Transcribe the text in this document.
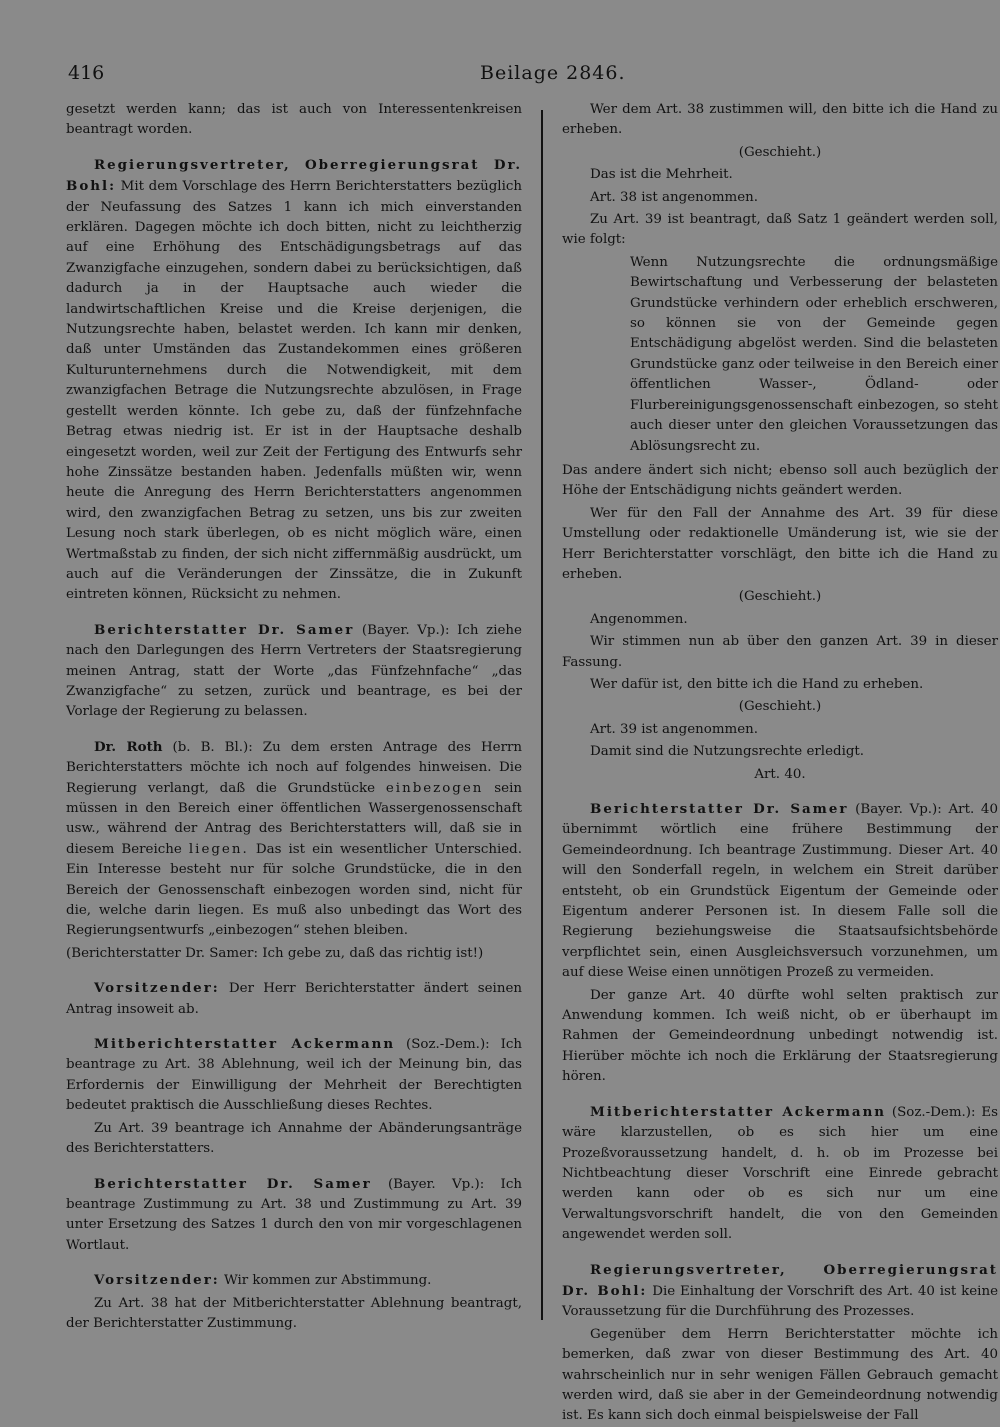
416	Beilage 2846.

gesetzt werden kann; das ist auch von Interessentenkreisen beantragt worden.

Regierungsvertreter, Oberregierungsrat Dr. Bohl: Mit dem Vorschlage des Herrn Berichterstatters bezüglich der Neufassung des Satzes 1 kann ich mich einverstanden erklären. Dagegen möchte ich doch bitten, nicht zu leichtherzig auf eine Erhöhung des Entschädigungsbetrags auf das Zwanzigfache einzugehen, sondern dabei zu berücksichtigen, daß dadurch ja in der Hauptsache auch wieder die landwirtschaftlichen Kreise und die Kreise derjenigen, die Nutzungsrechte haben, belastet werden. Ich kann mir denken, daß unter Umständen das Zustandekommen eines größeren Kulturunternehmens durch die Notwendigkeit, mit dem zwanzigfachen Betrage die Nutzungsrechte abzulösen, in Frage gestellt werden könnte. Ich gebe zu, daß der fünfzehnfache Betrag etwas niedrig ist. Er ist in der Hauptsache deshalb eingesetzt worden, weil zur Zeit der Fertigung des Entwurfs sehr hohe Zinssätze bestanden haben. Jedenfalls müßten wir, wenn heute die Anregung des Herrn Berichterstatters angenommen wird, den zwanzigfachen Betrag zu setzen, uns bis zur zweiten Lesung noch stark überlegen, ob es nicht möglich wäre, einen Wertmaßstab zu finden, der sich nicht ziffernmäßig ausdrückt, um auch auf die Veränderungen der Zinssätze, die in Zukunft eintreten können, Rücksicht zu nehmen.

Berichterstatter Dr. Samer (Bayer. Vp.): Ich ziehe nach den Darlegungen des Herrn Vertreters der Staatsregierung meinen Antrag, statt der Worte „das Fünfzehnfache“ „das Zwanzigfache“ zu setzen, zurück und beantrage, es bei der Vorlage der Regierung zu belassen.

Dr. Roth (b. B. Bl.): Zu dem ersten Antrage des Herrn Berichterstatters möchte ich noch auf folgendes hinweisen. Die Regierung verlangt, daß die Grundstücke einbezogen sein müssen in den Bereich einer öffentlichen Wassergenossenschaft usw., während der Antrag des Berichterstatters will, daß sie in diesem Bereiche liegen. Das ist ein wesentlicher Unterschied. Ein Interesse besteht nur für solche Grundstücke, die in den Bereich der Genossenschaft einbezogen worden sind, nicht für die, welche darin liegen. Es muß also unbedingt das Wort des Regierungsentwurfs „einbezogen“ stehen bleiben.

(Berichterstatter Dr. Samer: Ich gebe zu, daß das richtig ist!)

Vorsitzender: Der Herr Berichterstatter ändert seinen Antrag insoweit ab.

Mitberichterstatter Ackermann (Soz.-Dem.): Ich beantrage zu Art. 38 Ablehnung, weil ich der Meinung bin, das Erfordernis der Einwilligung der Mehrheit der Berechtigten bedeutet praktisch die Ausschließung dieses Rechtes.

Zu Art. 39 beantrage ich Annahme der Abänderungsanträge des Berichterstatters.

Berichterstatter Dr. Samer (Bayer. Vp.): Ich beantrage Zustimmung zu Art. 38 und Zustimmung zu Art. 39 unter Ersetzung des Satzes 1 durch den von mir vorgeschlagenen Wortlaut.

Vorsitzender: Wir kommen zur Abstimmung.

Zu Art. 38 hat der Mitberichterstatter Ablehnung beantragt, der Berichterstatter Zustimmung.

Wer dem Art. 38 zustimmen will, den bitte ich die Hand zu erheben.

(Geschieht.)

Das ist die Mehrheit.

Art. 38 ist angenommen.

Zu Art. 39 ist beantragt, daß Satz 1 geändert werden soll, wie folgt:

Wenn Nutzungsrechte die ordnungsmäßige Bewirtschaftung und Verbesserung der belasteten Grundstücke verhindern oder erheblich erschweren, so können sie von der Gemeinde gegen Entschädigung abgelöst werden. Sind die belasteten Grundstücke ganz oder teilweise in den Bereich einer öffentlichen Wasser-, Ödland- oder Flurbereinigungsgenossenschaft einbezogen, so steht auch dieser unter den gleichen Voraussetzungen das Ablösungsrecht zu.

Das andere ändert sich nicht; ebenso soll auch bezüglich der Höhe der Entschädigung nichts geändert werden.

Wer für den Fall der Annahme des Art. 39 für diese Umstellung oder redaktionelle Umänderung ist, wie sie der Herr Berichterstatter vorschlägt, den bitte ich die Hand zu erheben.

(Geschieht.)

Angenommen.

Wir stimmen nun ab über den ganzen Art. 39 in dieser Fassung.

Wer dafür ist, den bitte ich die Hand zu erheben.

(Geschieht.)

Art. 39 ist angenommen.

Damit sind die Nutzungsrechte erledigt.

Art. 40.

Berichterstatter Dr. Samer (Bayer. Vp.): Art. 40 übernimmt wörtlich eine frühere Bestimmung der Gemeindeordnung. Ich beantrage Zustimmung. Dieser Art. 40 will den Sonderfall regeln, in welchem ein Streit darüber entsteht, ob ein Grundstück Eigentum der Gemeinde oder Eigentum anderer Personen ist. In diesem Falle soll die Regierung beziehungsweise die Staatsaufsichtsbehörde verpflichtet sein, einen Ausgleichsversuch vorzunehmen, um auf diese Weise einen unnötigen Prozeß zu vermeiden.

Der ganze Art. 40 dürfte wohl selten praktisch zur Anwendung kommen. Ich weiß nicht, ob er überhaupt im Rahmen der Gemeindeordnung unbedingt notwendig ist. Hierüber möchte ich noch die Erklärung der Staatsregierung hören.

Mitberichterstatter Ackermann (Soz.-Dem.): Es wäre klarzustellen, ob es sich hier um eine Prozeßvoraussetzung handelt, d. h. ob im Prozesse bei Nichtbeachtung dieser Vorschrift eine Einrede gebracht werden kann oder ob es sich nur um eine Verwaltungsvorschrift handelt, die von den Gemeinden angewendet werden soll.

Regierungsvertreter, Oberregierungsrat Dr. Bohl: Die Einhaltung der Vorschrift des Art. 40 ist keine Voraussetzung für die Durchführung des Prozesses.

Gegenüber dem Herrn Berichterstatter möchte ich bemerken, daß zwar von dieser Bestimmung des Art. 40 wahrscheinlich nur in sehr wenigen Fällen Gebrauch gemacht werden wird, daß sie aber in der Gemeindeordnung notwendig ist. Es kann sich doch einmal beispielsweise der Fall
